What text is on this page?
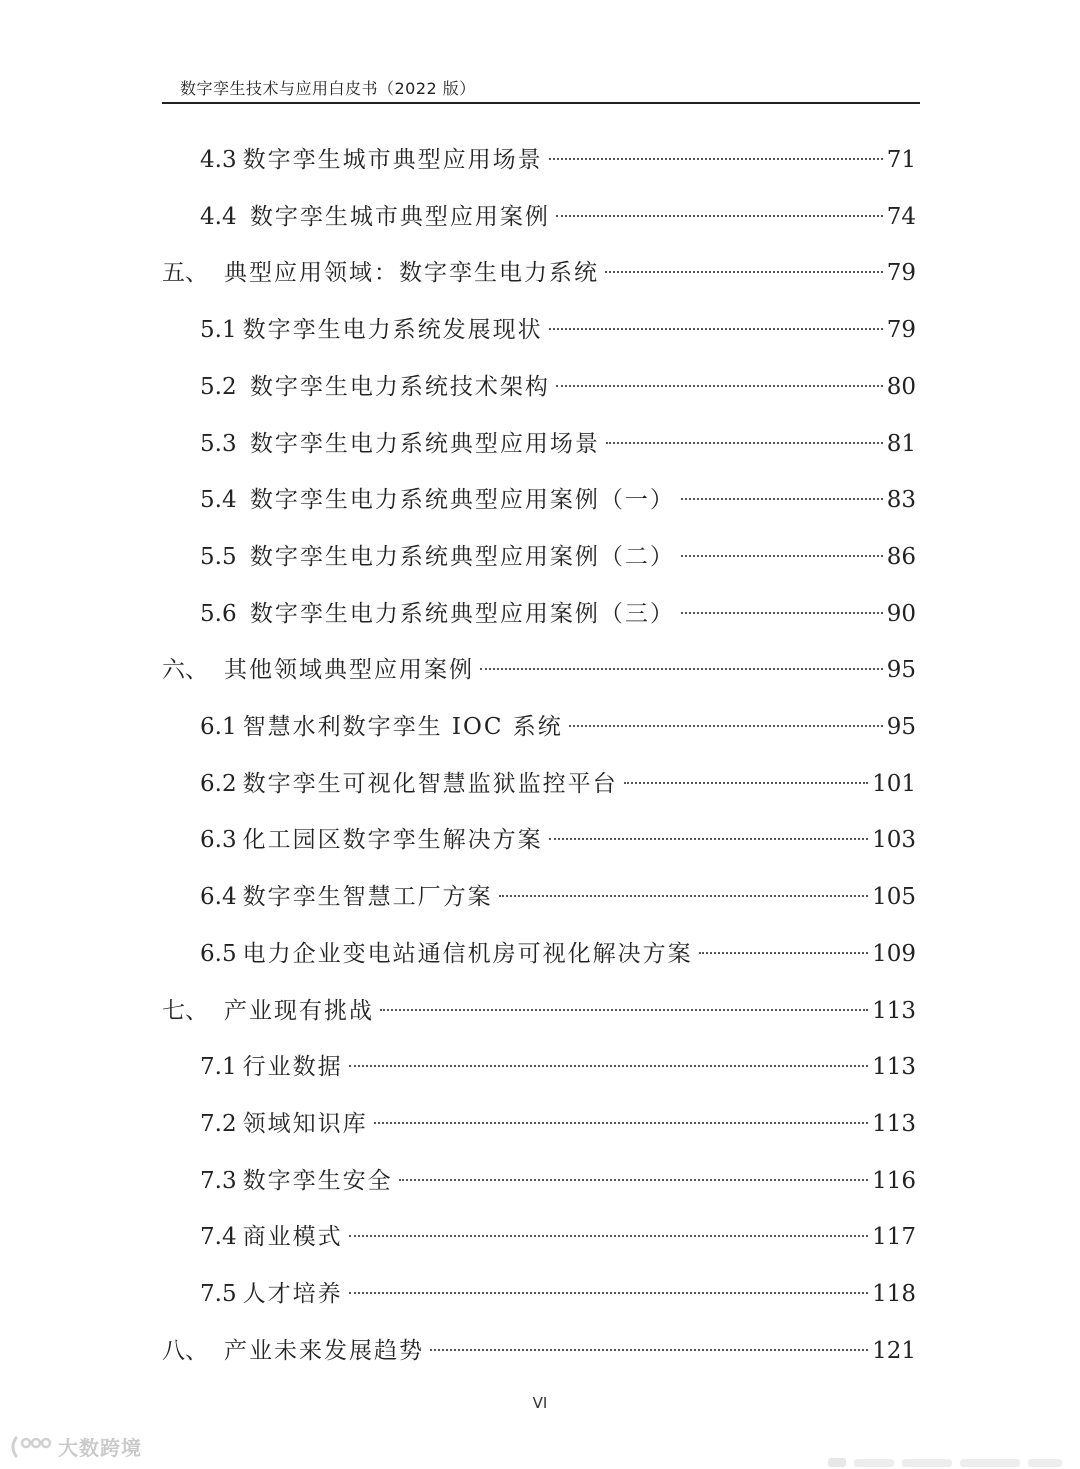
数字孪生技术与应用白皮书（2022 版）
4.3 数字孪生城市典型应用场景	71
4.4 数字孪生城市典型应用案例	74
五、 典型应用领域：数字孪生电力系统	79
5.1 数字孪生电力系统发展现状	79
5.2 数字孪生电力系统技术架构	80
5.3 数字孪生电力系统典型应用场景	81
5.4 数字孪生电力系统典型应用案例（一）	83
5.5 数字孪生电力系统典型应用案例（二）	86
5.6 数字孪生电力系统典型应用案例（三）	90
六、 其他领域典型应用案例	95
6.1 智慧水利数字孪生 IOC 系统	95
6.2 数字孪生可视化智慧监狱监控平台	101
6.3 化工园区数字孪生解决方案	103
6.4 数字孪生智慧工厂方案	105
6.5 电力企业变电站通信机房可视化解决方案	109
七、 产业现有挑战	113
7.1 行业数据	113
7.2 领域知识库	113
7.3 数字孪生安全	116
7.4 商业模式	117
7.5 人才培养	118
八、 产业未来发展趋势	121
VI
大数跨境
